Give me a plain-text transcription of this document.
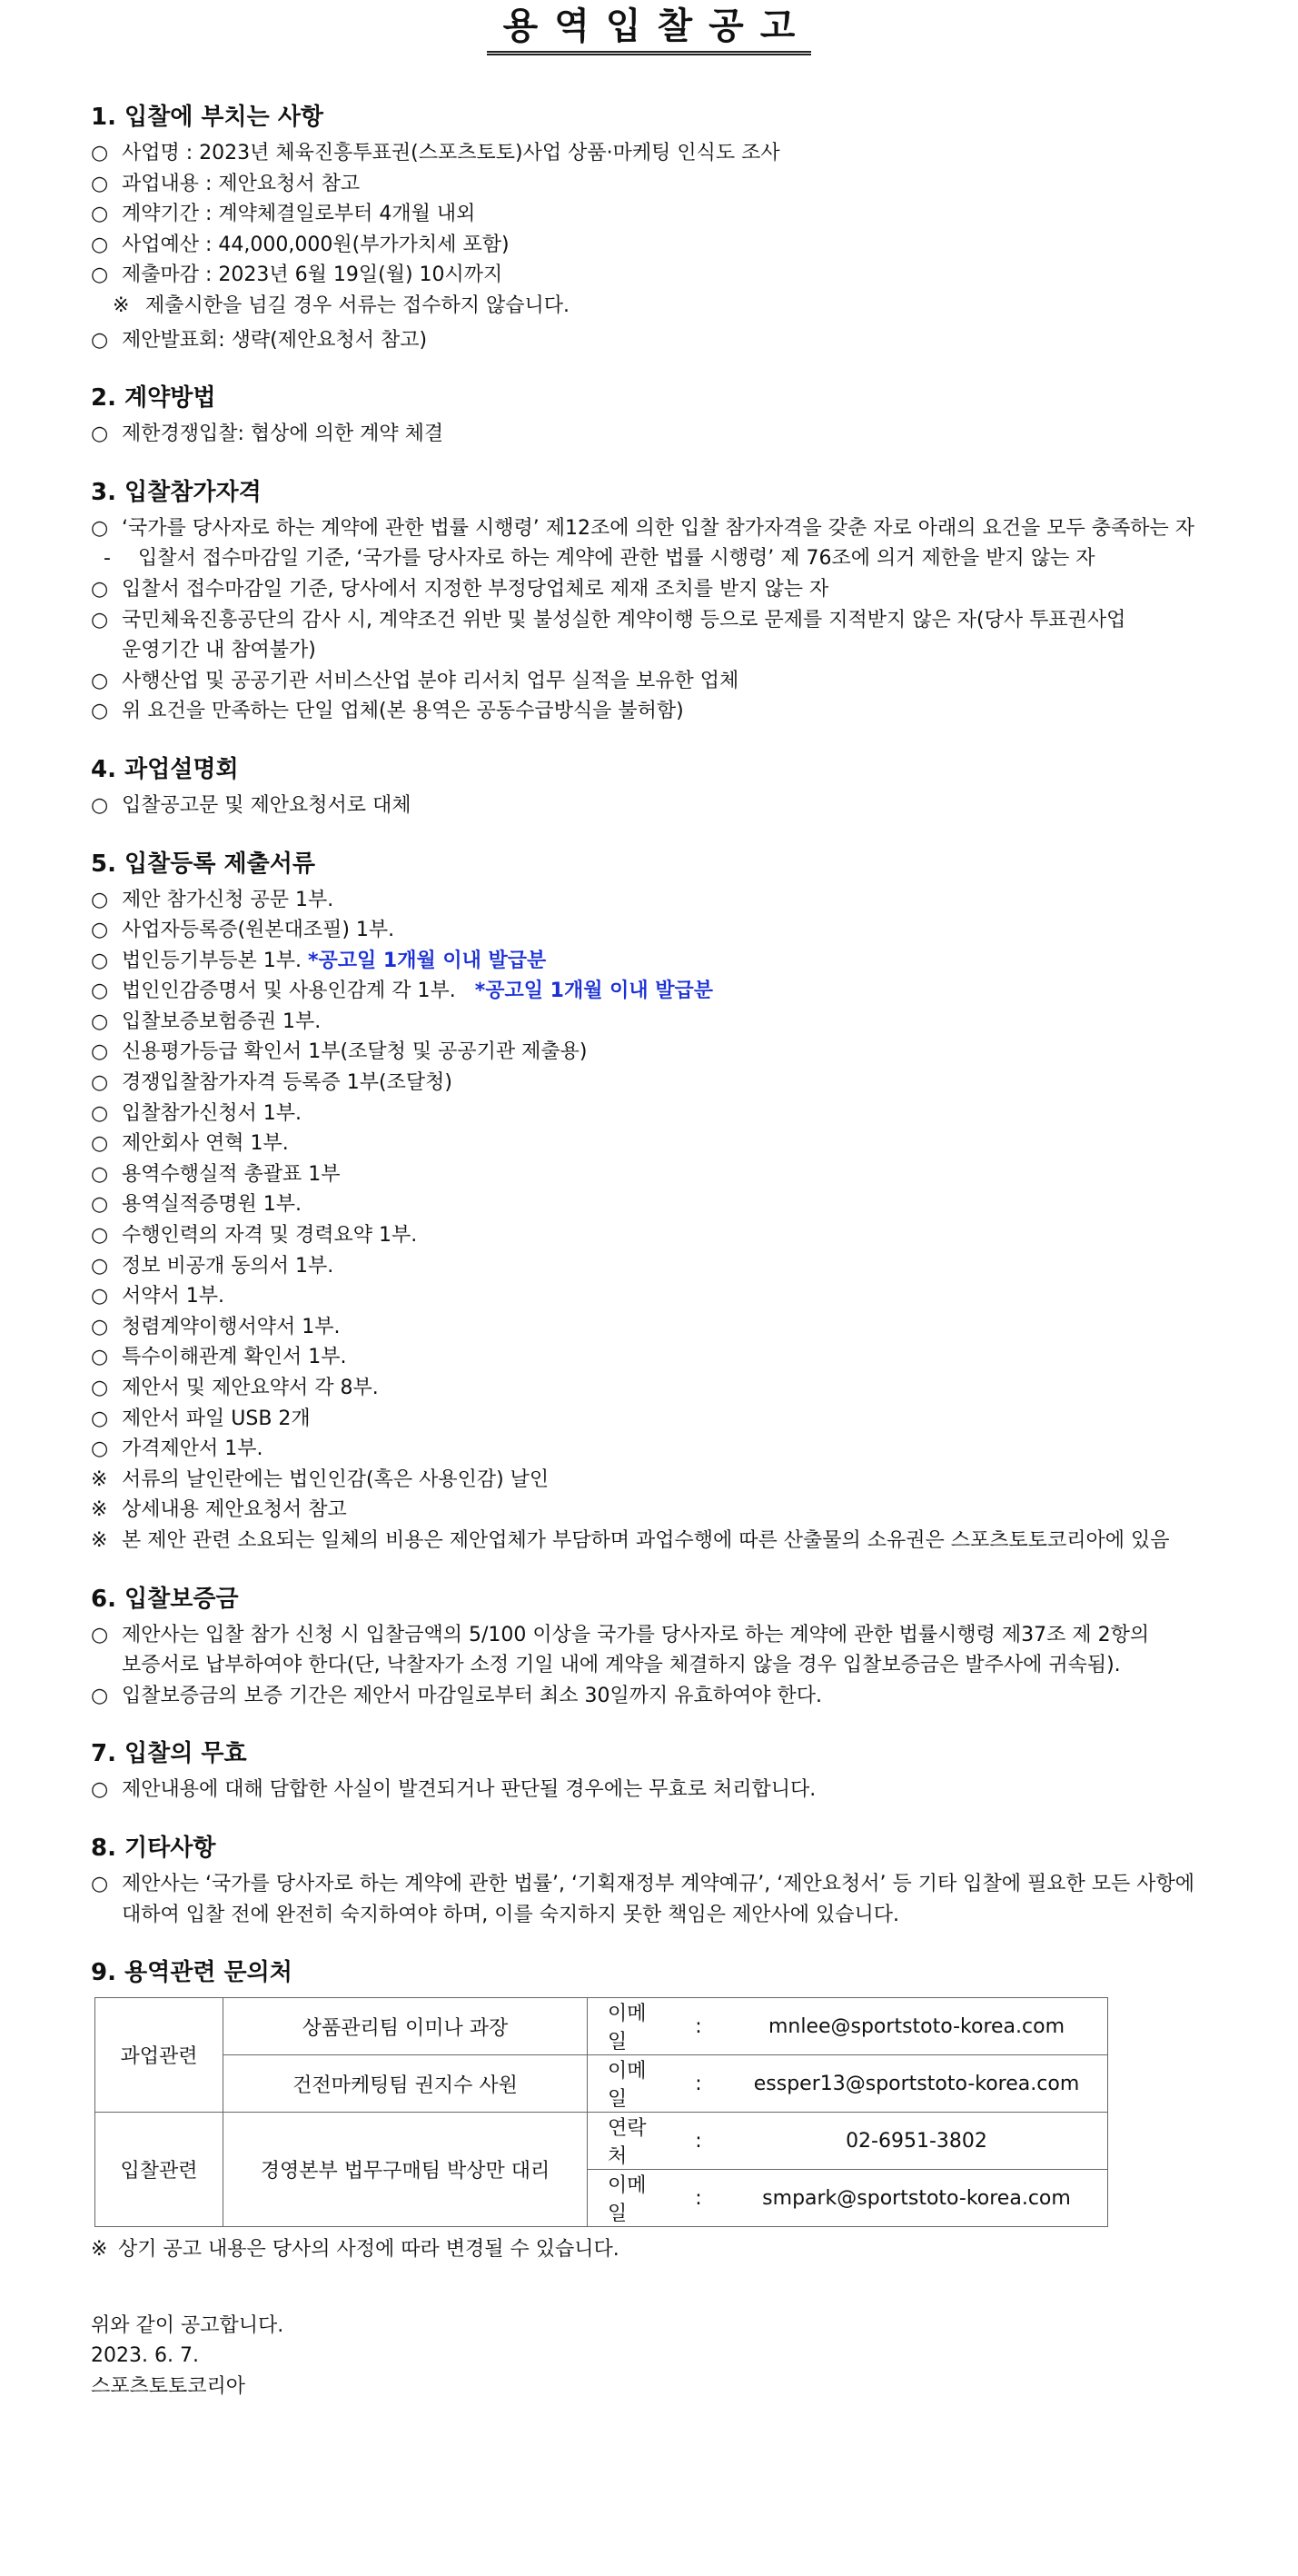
용역입찰공고
1. 입찰에 부치는 사항
○ 사업명 : 2023년 체육진흥투표권(스포츠토토)사업 상품·마케팅 인식도 조사
○ 과업내용 : 제안요청서 참고
○ 계약기간 : 계약체결일로부터 4개월 내외
○ 사업예산 : 44,000,000원(부가가치세 포함)
○ 제출마감 : 2023년 6월 19일(월) 10시까지
※ 제출시한을 넘길 경우 서류는 접수하지 않습니다.
○ 제안발표회: 생략(제안요청서 참고)
2. 계약방법
○ 제한경쟁입찰: 협상에 의한 계약 체결
3. 입찰참가자격
○ ‘국가를 당사자로 하는 계약에 관한 법률 시행령’ 제12조에 의한 입찰 참가자격을 갖춘 자로 아래의 요건을 모두 충족하는 자
-	입찰서 접수마감일 기준, ‘국가를 당사자로 하는 계약에 관한 법률 시행령’ 제 76조에 의거 제한을 받지 않는 자
○ 입찰서 접수마감일 기준, 당사에서 지정한 부정당업체로 제재 조치를 받지 않는 자
○ 국민체육진흥공단의 감사 시, 계약조건 위반 및 불성실한 계약이행 등으로 문제를 지적받지 않은 자(당사 투표권사업 운영기간 내 참여불가)
○ 사행산업 및 공공기관 서비스산업 분야 리서치 업무 실적을 보유한 업체
○ 위 요건을 만족하는 단일 업체(본 용역은 공동수급방식을 불허함)
4. 과업설명회
○ 입찰공고문 및 제안요청서로 대체
5. 입찰등록 제출서류
○ 제안 참가신청 공문 1부.
○ 사업자등록증(원본대조필) 1부.
○ 법인등기부등본 1부. *공고일 1개월 이내 발급분
○ 법인인감증명서 및 사용인감계 각 1부. *공고일 1개월 이내 발급분
○ 입찰보증보험증권 1부.
○ 신용평가등급 확인서 1부(조달청 및 공공기관 제출용)
○ 경쟁입찰참가자격 등록증 1부(조달청)
○ 입찰참가신청서 1부.
○ 제안회사 연혁 1부.
○ 용역수행실적 총괄표 1부
○ 용역실적증명원 1부.
○ 수행인력의 자격 및 경력요약 1부.
○ 정보 비공개 동의서 1부.
○ 서약서 1부.
○ 청렴계약이행서약서 1부.
○ 특수이해관계 확인서 1부.
○ 제안서 및 제안요약서 각 8부.
○ 제안서 파일 USB 2개
○ 가격제안서 1부.
※ 서류의 날인란에는 법인인감(혹은 사용인감) 날인
※ 상세내용 제안요청서 참고
※ 본 제안 관련 소요되는 일체의 비용은 제안업체가 부담하며 과업수행에 따른 산출물의 소유권은 스포츠토토코리아에 있음
6. 입찰보증금
○ 제안사는 입찰 참가 신청 시 입찰금액의 5/100 이상을 국가를 당사자로 하는 계약에 관한 법률시행령 제37조 제 2항의 보증서로 납부하여야 한다(단, 낙찰자가 소정 기일 내에 계약을 체결하지 않을 경우 입찰보증금은 발주사에 귀속됨).
○ 입찰보증금의 보증 기간은 제안서 마감일로부터 최소 30일까지 유효하여야 한다.
7. 입찰의 무효
○ 제안내용에 대해 담합한 사실이 발견되거나 판단될 경우에는 무효로 처리합니다.
8. 기타사항
○ 제안사는 ‘국가를 당사자로 하는 계약에 관한 법률’, ‘기획재정부 계약예규’, ‘제안요청서’ 등 기타 입찰에 필요한 모든 사항에 대하여 입찰 전에 완전히 숙지하여야 하며, 이를 숙지하지 못한 책임은 제안사에 있습니다.
9. 용역관련 문의처
과업관련	상품관리팀 이미나 과장	이메일	:	mnlee@sportstoto-korea.com
	건전마케팅팀 권지수 사원	이메일	:	essper13@sportstoto-korea.com
입찰관련	경영본부 법무구매팀 박상만 대리	연락처	:	02-6951-3802
		이메일	:	smpark@sportstoto-korea.com
※ 상기 공고 내용은 당사의 사정에 따라 변경될 수 있습니다.
위와 같이 공고합니다.
2023. 6. 7.
스포츠토토코리아
